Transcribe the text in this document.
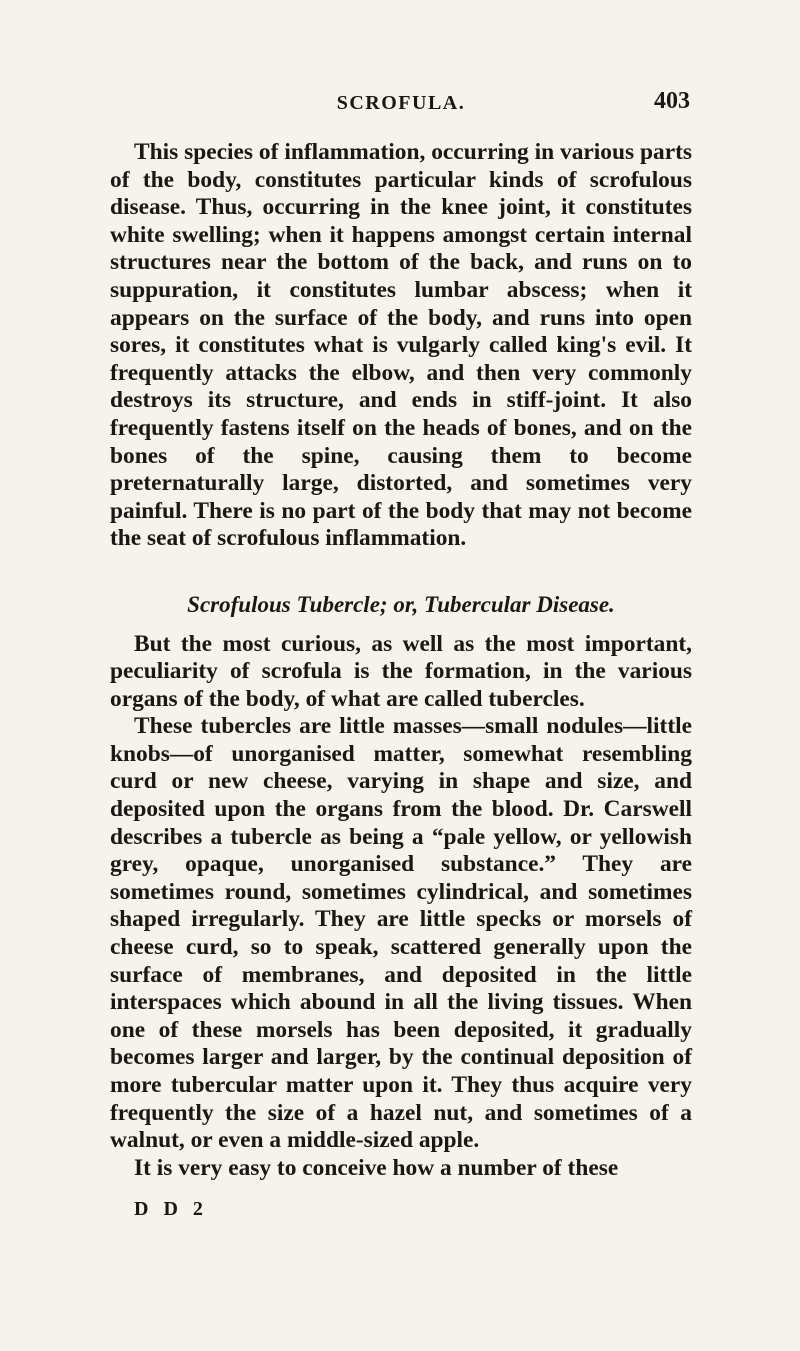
SCROFULA.	403

This species of inflammation, occurring in various parts of the body, constitutes particular kinds of scrofulous disease. Thus, occurring in the knee joint, it constitutes white swelling; when it happens amongst certain internal structures near the bottom of the back, and runs on to suppuration, it constitutes lumbar abscess; when it appears on the surface of the body, and runs into open sores, it constitutes what is vulgarly called king's evil. It frequently attacks the elbow, and then very commonly destroys its structure, and ends in stiff-joint. It also frequently fastens itself on the heads of bones, and on the bones of the spine, causing them to become preternaturally large, distorted, and sometimes very painful. There is no part of the body that may not become the seat of scrofulous inflammation.

Scrofulous Tubercle; or, Tubercular Disease.

But the most curious, as well as the most important, peculiarity of scrofula is the formation, in the various organs of the body, of what are called tubercles.

These tubercles are little masses—small nodules—little knobs—of unorganised matter, somewhat resembling curd or new cheese, varying in shape and size, and deposited upon the organs from the blood. Dr. Carswell describes a tubercle as being a “pale yellow, or yellowish grey, opaque, unorganised substance.” They are sometimes round, sometimes cylindrical, and sometimes shaped irregularly. They are little specks or morsels of cheese curd, so to speak, scattered generally upon the surface of membranes, and deposited in the little interspaces which abound in all the living tissues. When one of these morsels has been deposited, it gradually becomes larger and larger, by the continual deposition of more tubercular matter upon it. They thus acquire very frequently the size of a hazel nut, and sometimes of a walnut, or even a middle-sized apple.

It is very easy to conceive how a number of these

D D 2
